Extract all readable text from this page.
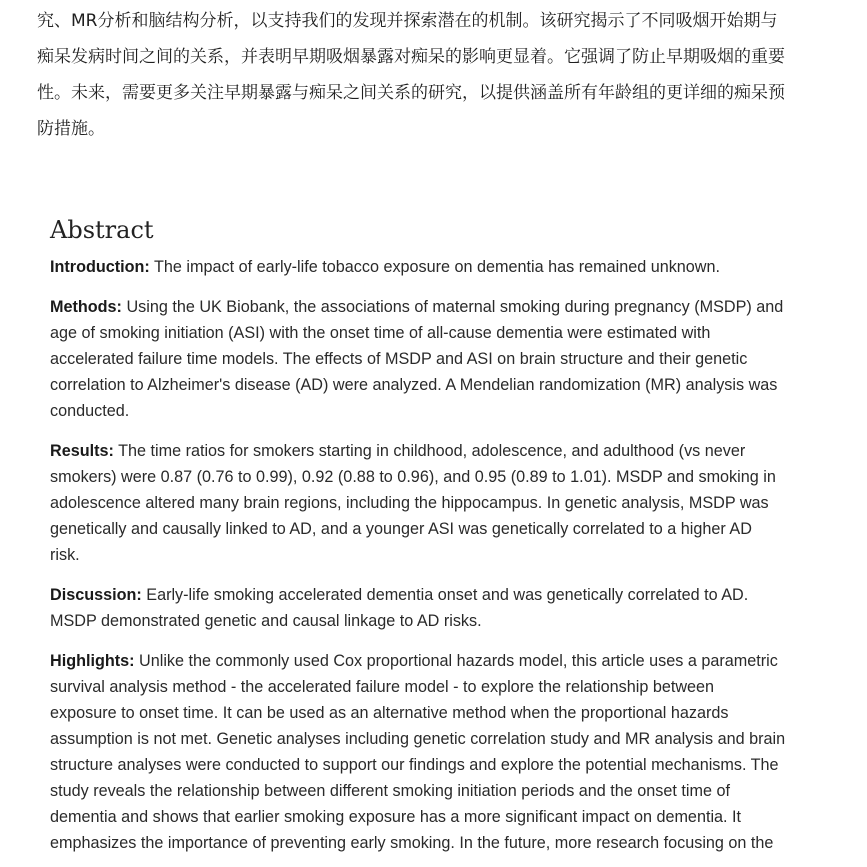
究、MR分析和脑结构分析，以支持我们的发现并探索潜在的机制。该研究揭示了不同吸烟开始期与
痴呆发病时间之间的关系，并表明早期吸烟暴露对痴呆的影响更显着。它强调了防止早期吸烟的重要
性。未来，需要更多关注早期暴露与痴呆之间关系的研究，以提供涵盖所有年龄组的更详细的痴呆预
防措施。
Abstract
Introduction: The impact of early-life tobacco exposure on dementia has remained unknown.
Methods: Using the UK Biobank, the associations of maternal smoking during pregnancy (MSDP) and
age of smoking initiation (ASI) with the onset time of all-cause dementia were estimated with
accelerated failure time models. The effects of MSDP and ASI on brain structure and their genetic
correlation to Alzheimer's disease (AD) were analyzed. A Mendelian randomization (MR) analysis was
conducted.
Results: The time ratios for smokers starting in childhood, adolescence, and adulthood (vs never
smokers) were 0.87 (0.76 to 0.99), 0.92 (0.88 to 0.96), and 0.95 (0.89 to 1.01). MSDP and smoking in
adolescence altered many brain regions, including the hippocampus. In genetic analysis, MSDP was
genetically and causally linked to AD, and a younger ASI was genetically correlated to a higher AD
risk.
Discussion: Early-life smoking accelerated dementia onset and was genetically correlated to AD.
MSDP demonstrated genetic and causal linkage to AD risks.
Highlights: Unlike the commonly used Cox proportional hazards model, this article uses a parametric
survival analysis method - the accelerated failure model - to explore the relationship between
exposure to onset time. It can be used as an alternative method when the proportional hazards
assumption is not met. Genetic analyses including genetic correlation study and MR analysis and brain
structure analyses were conducted to support our findings and explore the potential mechanisms. The
study reveals the relationship between different smoking initiation periods and the onset time of
dementia and shows that earlier smoking exposure has a more significant impact on dementia. It
emphasizes the importance of preventing early smoking. In the future, more research focusing on the
